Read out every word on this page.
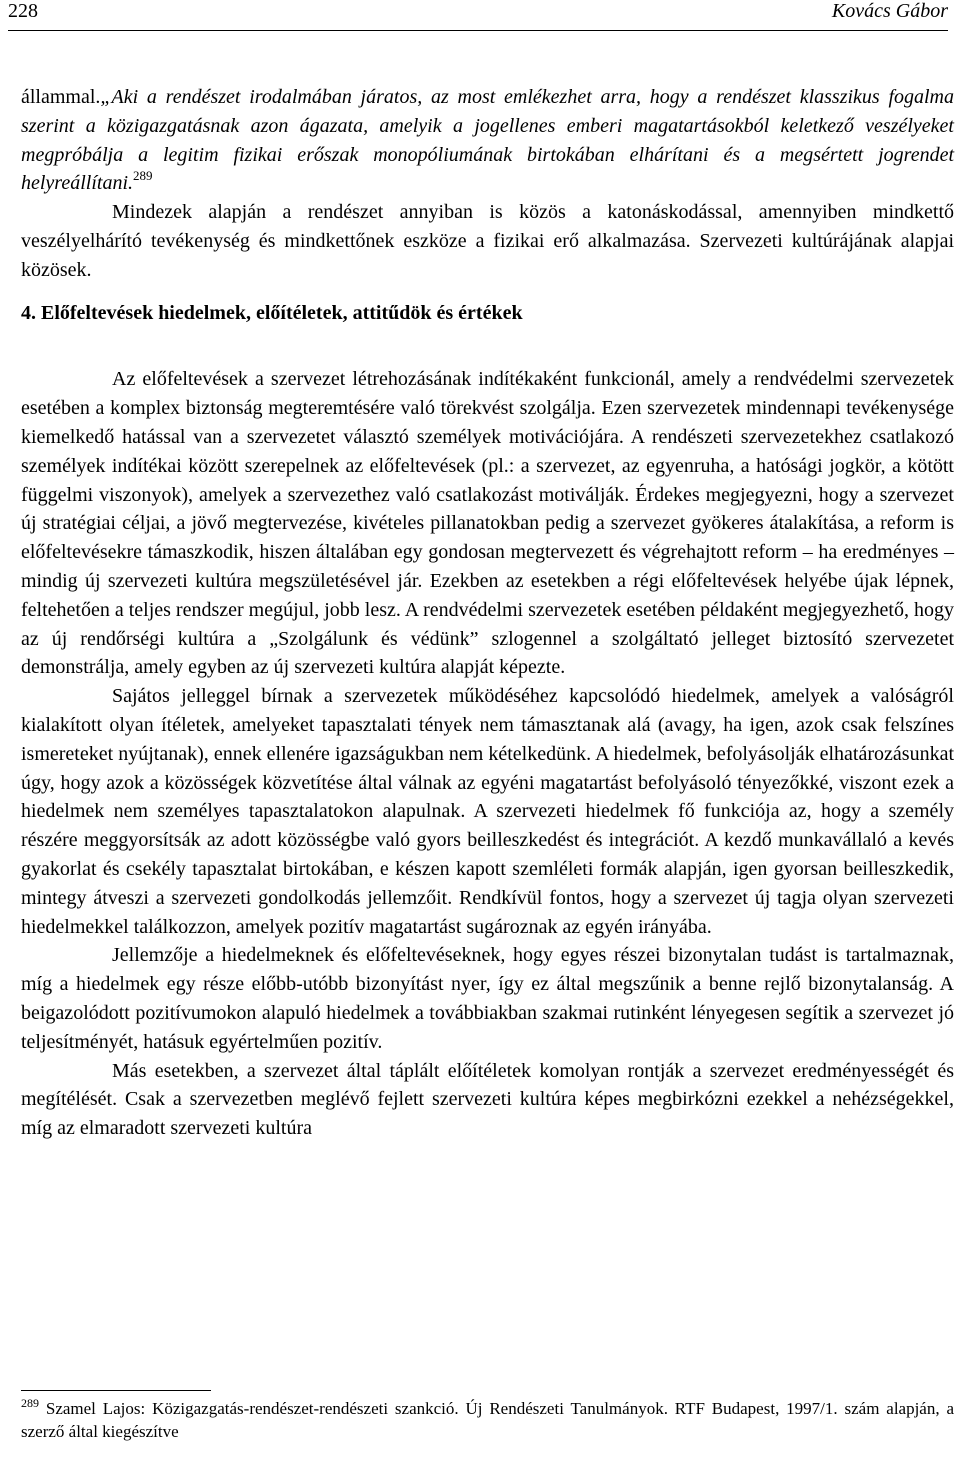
228	Kovács Gábor

állammal.„Aki a rendészet irodalmában járatos, az most emlékezhet arra, hogy a rendészet klasszikus fogalma szerint a közigazgatásnak azon ágazata, amelyik a jogellenes emberi magatartásokból keletkező veszélyeket megpróbálja a legitim fizikai erőszak monopóliumának birtokában elhárítani és a megsértett jogrendet helyreállítani.$^{289}$
Mindezek alapján a rendészet annyiban is közös a katonáskodással, amennyiben mindkettő veszélyelhárító tevékenység és mindkettőnek eszköze a fizikai erő alkalmazása. Szervezeti kultúrájának alapjai közösek.

4. Előfeltevések hiedelmek, előítéletek, attitűdök és értékek

Az előfeltevések a szervezet létrehozásának indítékaként funkcionál, amely a rendvédelmi szervezetek esetében a komplex biztonság megteremtésére való törekvést szolgálja. Ezen szervezetek mindennapi tevékenysége kiemelkedő hatással van a szervezetet választó személyek motivációjára. A rendészeti szervezetekhez csatlakozó személyek indítékai között szerepelnek az előfeltevések (pl.: a szervezet, az egyenruha, a hatósági jogkör, a kötött függelmi viszonyok), amelyek a szervezethez való csatlakozást motiválják. Érdekes megjegyezni, hogy a szervezet új stratégiai céljai, a jövő megtervezése, kivételes pillanatokban pedig a szervezet gyökeres átalakítása, a reform is előfeltevésekre támaszkodik, hiszen általában egy gondosan megtervezett és végrehajtott reform – ha eredményes – mindig új szervezeti kultúra megszületésével jár. Ezekben az esetekben a régi előfeltevések helyébe újak lépnek, feltehetően a teljes rendszer megújul, jobb lesz. A rendvédelmi szervezetek esetében példaként megjegyezhető, hogy az új rendőrségi kultúra a „Szolgálunk és védünk” szlogennel a szolgáltató jelleget biztosító szervezetet demonstrálja, amely egyben az új szervezeti kultúra alapját képezte.

Sajátos jelleggel bírnak a szervezetek működéséhez kapcsolódó hiedelmek, amelyek a valóságról kialakított olyan ítéletek, amelyeket tapasztalati tények nem támasztanak alá (avagy, ha igen, azok csak felszínes ismereteket nyújtanak), ennek ellenére igazságukban nem kételkedünk. A hiedelmek, befolyásolják elhatározásunkat úgy, hogy azok a közösségek közvetítése által válnak az egyéni magatartást befolyásoló tényezőkké, viszont ezek a hiedelmek nem személyes tapasztalatokon alapulnak. A szervezeti hiedelmek fő funkciója az, hogy a személy részére meggyorsítsák az adott közösségbe való gyors beilleszkedést és integrációt. A kezdő munkavállaló a kevés gyakorlat és csekély tapasztalat birtokában, e készen kapott szemléleti formák alapján, igen gyorsan beilleszkedik, mintegy átveszi a szervezeti gondolkodás jellemzőit. Rendkívül fontos, hogy a szervezet új tagja olyan szervezeti hiedelmekkel találkozzon, amelyek pozitív magatartást sugároznak az egyén irányába.

Jellemzője a hiedelmeknek és előfeltevéseknek, hogy egyes részei bizonytalan tudást is tartalmaznak, míg a hiedelmek egy része előbb-utóbb bizonyítást nyer, így ez által megszűnik a benne rejlő bizonytalanság. A beigazolódott pozitívumokon alapuló hiedelmek a továbbiakban szakmai rutinként lényegesen segítik a szervezet jó teljesítményét, hatásuk egyértelműen pozitív.

Más esetekben, a szervezet által táplált előítéletek komolyan rontják a szervezet eredményességét és megítélését. Csak a szervezetben meglévő fejlett szervezeti kultúra képes megbirkózni ezekkel a nehézségekkel, míg az elmaradott szervezeti kultúra

$^{289}$ Szamel Lajos: Közigazgatás-rendészet-rendészeti szankció. Új Rendészeti Tanulmányok. RTF Budapest, 1997/1. szám alapján, a szerző által kiegészítve
